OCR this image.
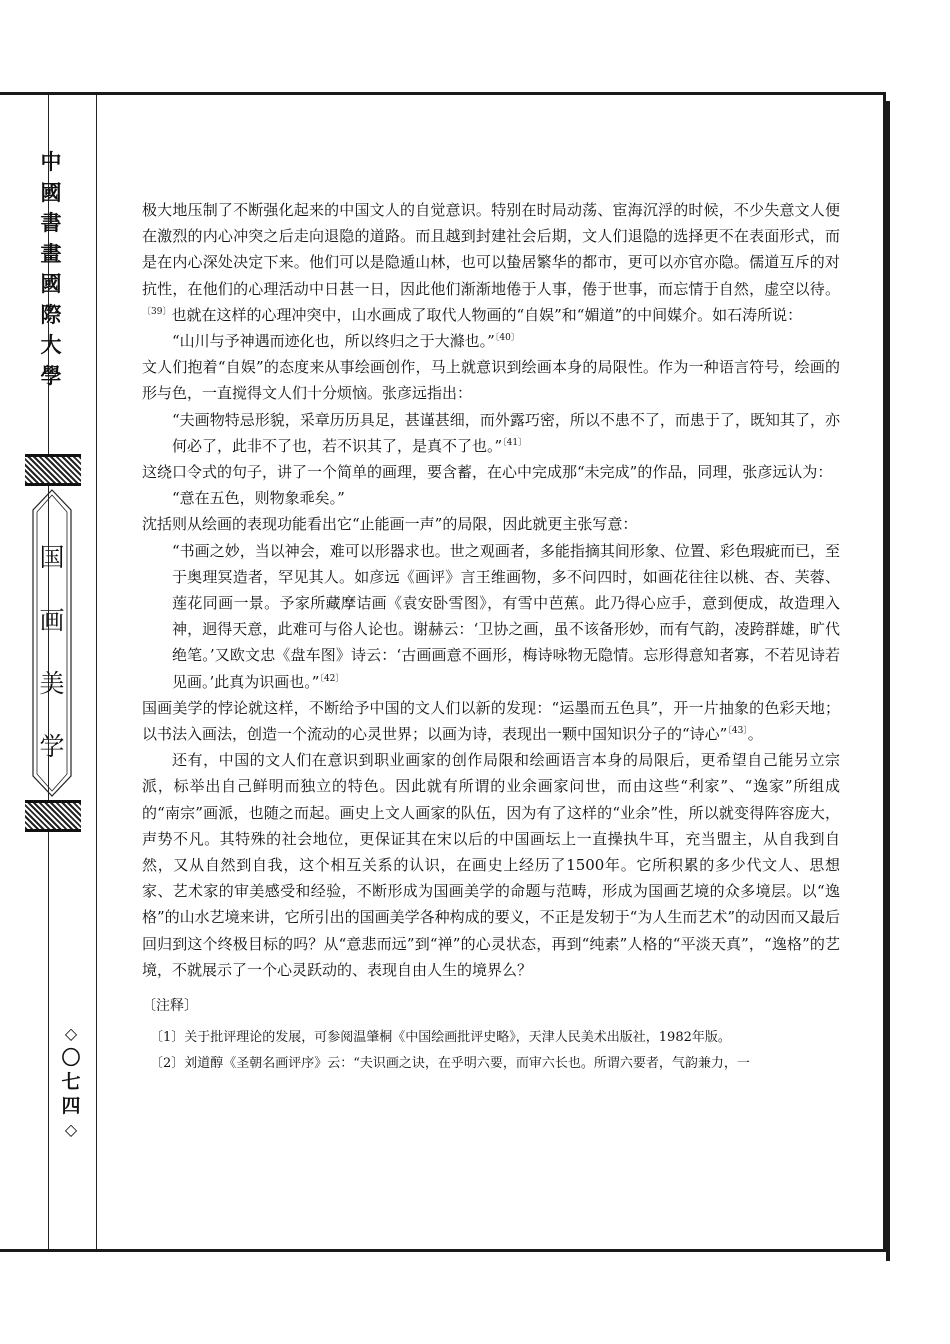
中
國
書
畫
國
際
大
學
国
画
美
学
◇
〇
七
四
◇

极大地压制了不断强化起来的中国文人的自觉意识。特别在时局动荡、宦海沉浮的时候，不少失意文人便在激烈的内心冲突之后走向退隐的道路。而且越到封建社会后期，文人们退隐的选择更不在表面形式，而是在内心深处决定下来。他们可以是隐遁山林，也可以蛰居繁华的都市，更可以亦官亦隐。儒道互斥的对抗性，在他们的心理活动中日甚一日，因此他们渐渐地倦于人事，倦于世事，而忘情于自然，虚空以待。$^{〔39〕}$也就在这样的心理冲突中，山水画成了取代人物画的“自娱”和“媚道”的中间媒介。如石涛所说：

“山川与予神遇而迹化也，所以终归之于大滌也。”$^{〔40〕}$

文人们抱着“自娱”的态度来从事绘画创作，马上就意识到绘画本身的局限性。作为一种语言符号，绘画的形与色，一直搅得文人们十分烦恼。张彦远指出：

“夫画物特忌形貌，采章历历具足，甚谨甚细，而外露巧密，所以不患不了，而患于了，既知其了，亦何必了，此非不了也，若不识其了，是真不了也。”$^{〔41〕}$

这绕口令式的句子，讲了一个简单的画理，要含蓄，在心中完成那“未完成”的作品，同理，张彦远认为：

“意在五色，则物象乖矣。”

沈括则从绘画的表现功能看出它“止能画一声”的局限，因此就更主张写意：

“书画之妙，当以神会，难可以形器求也。世之观画者，多能指摘其间形象、位置、彩色瑕疵而已，至于奥理冥造者，罕见其人。如彦远《画评》言王维画物，多不问四时，如画花往往以桃、杏、芙蓉、莲花同画一景。予家所藏摩诘画《袁安卧雪图》，有雪中芭蕉。此乃得心应手，意到便成，故造理入神，迥得天意，此难可与俗人论也。谢赫云：‘卫协之画，虽不该备形妙，而有气韵，凌跨群雄，旷代绝笔。’又欧文忠《盘车图》诗云：‘古画画意不画形，梅诗咏物无隐情。忘形得意知者寡，不若见诗若见画。’此真为识画也。”$^{〔42〕}$

国画美学的悖论就这样，不断给予中国的文人们以新的发现：“运墨而五色具”，开一片抽象的色彩天地；以书法入画法，创造一个流动的心灵世界；以画为诗，表现出一颗中国知识分子的“诗心”$^{〔43〕}$。

还有，中国的文人们在意识到职业画家的创作局限和绘画语言本身的局限后，更希望自己能另立宗派，标举出自己鲜明而独立的特色。因此就有所谓的业余画家问世，而由这些“利家”、“逸家”所组成的“南宗”画派，也随之而起。画史上文人画家的队伍，因为有了这样的“业余”性，所以就变得阵容庞大，声势不凡。其特殊的社会地位，更保证其在宋以后的中国画坛上一直操执牛耳，充当盟主，从自我到自然，又从自然到自我，这个相互关系的认识，在画史上经历了1500年。它所积累的多少代文人、思想家、艺术家的审美感受和经验，不断形成为国画美学的命题与范畴，形成为国画艺境的众多境层。以“逸格”的山水艺境来讲，它所引出的国画美学各种构成的要义，不正是发轫于“为人生而艺术”的动因而又最后回归到这个终极目标的吗？从“意悲而远”到“禅”的心灵状态，再到“纯素”人格的“平淡天真”，“逸格”的艺境，不就展示了一个心灵跃动的、表现自由人生的境界么？

〔注释〕

〔1〕关于批评理论的发展，可参阅温肇桐《中国绘画批评史略》，天津人民美术出版社，1982年版。

〔2〕刘道醇《圣朝名画评序》云：“夫识画之诀，在乎明六要，而审六长也。所谓六要者，气韵兼力，一
